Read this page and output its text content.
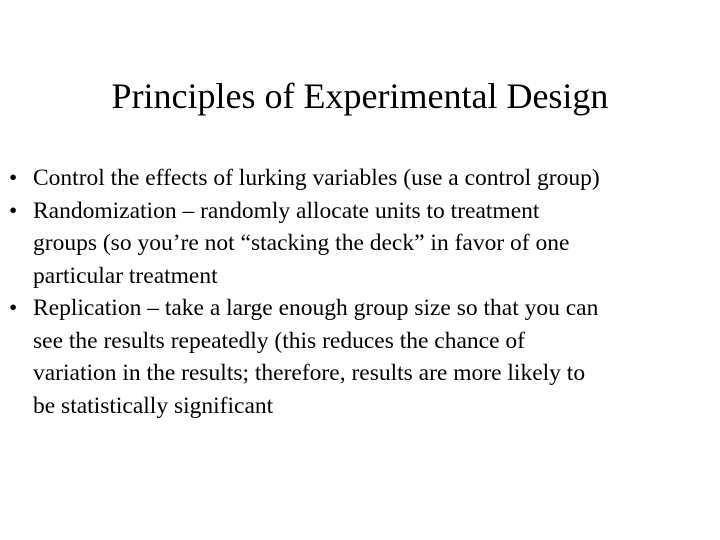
Principles of Experimental Design
• Control the effects of lurking variables (use a control group)
• Randomization – randomly allocate units to treatment
groups (so you’re not “stacking the deck” in favor of one
particular treatment
• Replication – take a large enough group size so that you can
see the results repeatedly (this reduces the chance of
variation in the results; therefore, results are more likely to
be statistically significant
